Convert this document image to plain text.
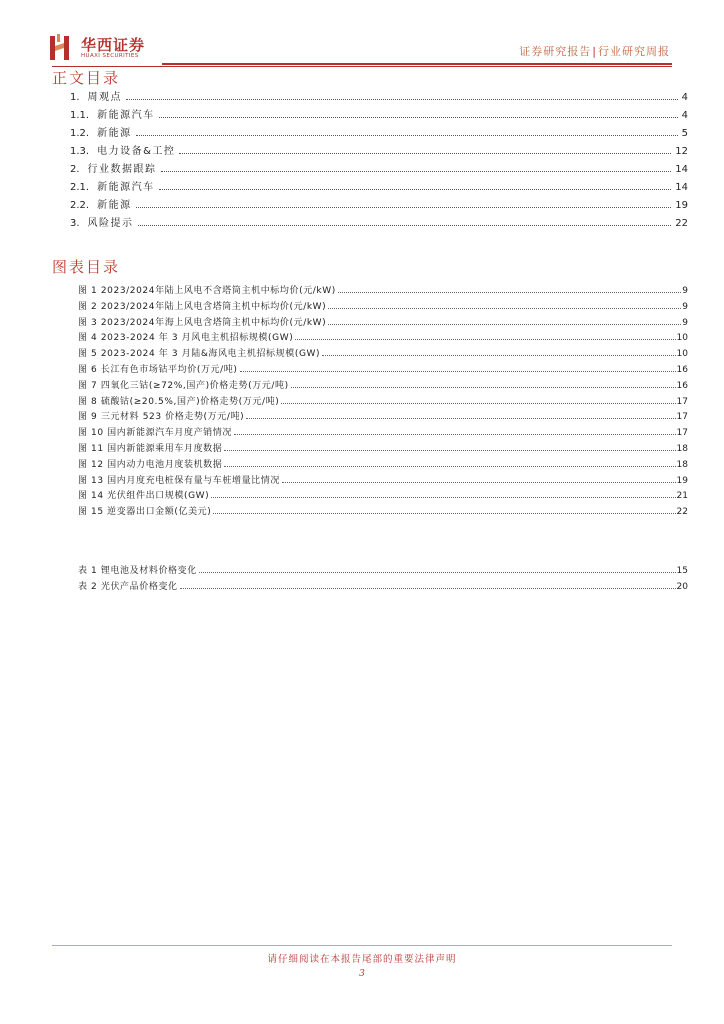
华西证券
HUAXI SECURITIES	证券研究报告|行业研究周报
正文目录
1. 周观点	4
1.1. 新能源汽车	4
1.2. 新能源	5
1.3. 电力设备&工控	12
2. 行业数据跟踪	14
2.1. 新能源汽车	14
2.2. 新能源	19
3. 风险提示	22
图表目录
图 1 2023/2024年陆上风电不含塔筒主机中标均价(元/kW)	9
图 2 2023/2024年陆上风电含塔筒主机中标均价(元/kW)	9
图 3 2023/2024年海上风电含塔筒主机中标均价(元/kW)	9
图 4 2023-2024 年 3 月风电主机招标规模(GW)	10
图 5 2023-2024 年 3 月陆&海风电主机招标规模(GW)	10
图 6 长江有色市场钴平均价(万元/吨)	16
图 7 四氧化三钴(≥72%,国产)价格走势(万元/吨)	16
图 8 硫酸钴(≥20.5%,国产)价格走势(万元/吨)	17
图 9 三元材料 523 价格走势(万元/吨)	17
图 10 国内新能源汽车月度产销情况	17
图 11 国内新能源乘用车月度数据	18
图 12 国内动力电池月度装机数据	18
图 13 国内月度充电桩保有量与车桩增量比情况	19
图 14 光伏组件出口规模(GW)	21
图 15 逆变器出口金额(亿美元)	22
表 1 锂电池及材料价格变化	15
表 2 光伏产品价格变化	20
请仔细阅读在本报告尾部的重要法律声明
3
